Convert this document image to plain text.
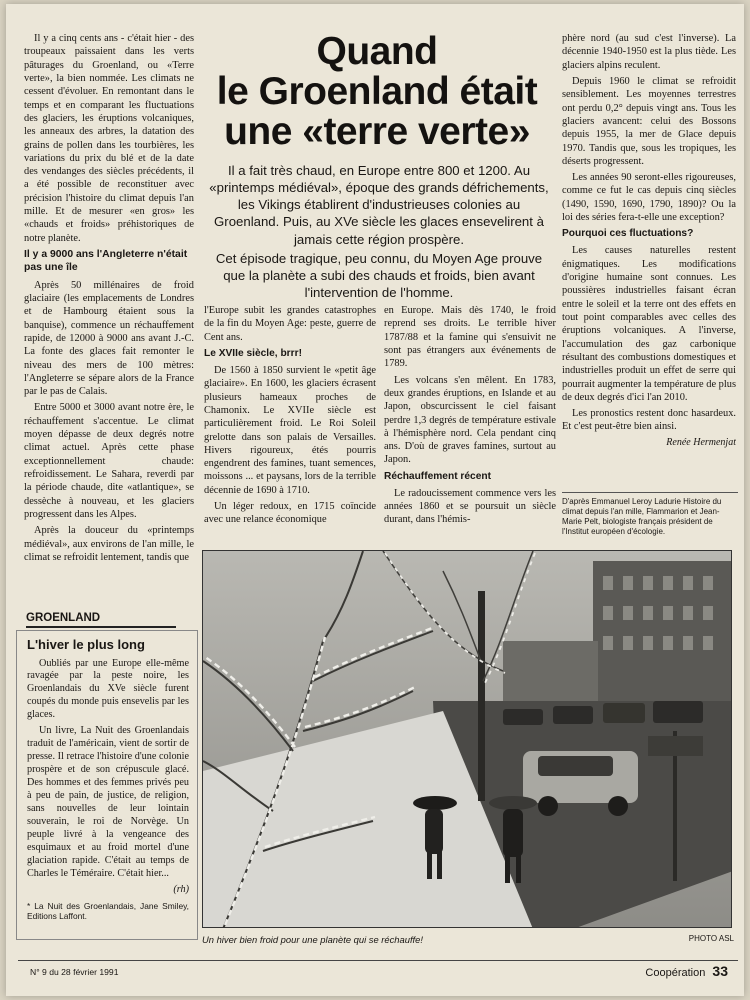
Il y a cinq cents ans - c'était hier - des troupeaux paissaient dans les verts pâturages du Groenland, ou «Terre verte», la bien nommée. Les climats ne cessent d'évoluer. En remontant dans le temps et en comparant les fluctuations des glaciers, les éruptions volcaniques, les anneaux des arbres, la datation des grains de pollen dans les tourbières, les variations du prix du blé et de la date des vendanges des siècles précédents, il a été possible de reconstituer avec précision l'histoire du climat depuis l'an mille. Et de mesurer «en gros» les «chauds et froids» préhistoriques de notre planète.

Il y a 9000 ans l'Angleterre n'était pas une île

Après 50 millénaires de froid glaciaire (les emplacements de Londres et de Hambourg étaient sous la banquise), commence un réchauffement rapide, de 12000 à 9000 ans avant J.-C. La fonte des glaces fait remonter le niveau des mers de 100 mètres: l'Angleterre se sépare alors de la France par le pas de Calais.

Entre 5000 et 3000 avant notre ère, le réchauffement s'accentue. Le climat moyen dépasse de deux degrés notre climat actuel. Après cette phase exceptionnellement chaude: refroidissement. Le Sahara, reverdi par la période chaude, dite «atlantique», se dessèche à nouveau, et les glaciers progressent dans les Alpes.

Après la douceur du «printemps médiéval», aux environs de l'an mille, le climat se refroidit lentement, tandis que

Quand
le Groenland était
une «terre verte»

Il a fait très chaud, en Europe entre 800 et 1200. Au «printemps médiéval», époque des grands défrichements, les Vikings établirent d'industrieuses colonies au Groenland. Puis, au XVe siècle les glaces ensevelirent à jamais cette région prospère.

Cet épisode tragique, peu connu, du Moyen Age prouve que la planète a subi des chauds et froids, bien avant l'intervention de l'homme.

l'Europe subit les grandes catastrophes de la fin du Moyen Age: peste, guerre de Cent ans.

Le XVIIe siècle, brrr!

De 1560 à 1850 survient le «petit âge glaciaire». En 1600, les glaciers écrasent plusieurs hameaux proches de Chamonix. Le XVIIe siècle est particulièrement froid. Le Roi Soleil grelotte dans son palais de Versailles. Hivers rigoureux, étés pourris engendrent des famines, tuant semences, moissons ... et paysans, lors de la terrible décennie de 1690 à 1710.

Un léger redoux, en 1715 coïncide avec une relance économique

en Europe. Mais dès 1740, le froid reprend ses droits. Le terrible hiver 1787/88 et la famine qui s'ensuivit ne sont pas étrangers aux événements de 1789.

Les volcans s'en mêlent. En 1783, deux grandes éruptions, en Islande et au Japon, obscurcissent le ciel faisant perdre 1,3 degrés de température estivale à l'hémisphère nord. Cela pendant cinq ans. D'où de graves famines, surtout au Japon.

Réchauffement récent

Le radoucissement commence vers les années 1860 et se poursuit un siècle durant, dans l'hémis-

phère nord (au sud c'est l'inverse). La décennie 1940-1950 est la plus tiède. Les glaciers alpins reculent.

Depuis 1960 le climat se refroidit sensiblement. Les moyennes terrestres ont perdu 0,2° depuis vingt ans. Tous les glaciers avancent: celui des Bossons depuis 1955, la mer de Glace depuis 1970. Tandis que, sous les tropiques, les déserts progressent.

Les années 90 seront-elles rigoureuses, comme ce fut le cas depuis cinq siècles (1490, 1590, 1690, 1790, 1890)? Ou la loi des séries fera-t-elle une exception?

Pourquoi ces fluctuations?

Les causes naturelles restent énigmatiques. Les modifications d'origine humaine sont connues. Les poussières industrielles faisant écran entre le soleil et la terre ont des effets en tout point comparables avec celles des éruptions volcaniques. A l'inverse, l'accumulation des gaz carbonique résultant des combustions domestiques et industrielles produit un effet de serre qui pourrait augmenter la température de plus de deux degrés d'ici l'an 2010.

Les pronostics restent donc hasardeux. Et c'est peut-être bien ainsi.

Renée Hermenjat
D'après Emmanuel Leroy Ladurie Histoire du climat depuis l'an mille, Flammarion et Jean-Marie Pelt, biologiste français président de l'Institut européen d'écologie.
GROENLAND
L'hiver le plus long

Oubliés par une Europe elle-même ravagée par la peste noire, les Groenlandais du XVe siècle furent coupés du monde puis ensevelis par les glaces.

Un livre, La Nuit des Groenlandais traduit de l'américain, vient de sortir de presse. Il retrace l'histoire d'une colonie prospère et de son crépuscule glacé. Des hommes et des femmes privés peu à peu de pain, de justice, de religion, sans nouvelles de leur lointain souverain, le roi de Norvège. Un peuple livré à la vengeance des esquimaux et au froid mortel d'une glaciation rapide. C'était au temps de Charles le Téméraire. C'était hier...

(rh)

* La Nuit des Groenlandais, Jane Smiley, Editions Laffont.

Un hiver bien froid pour une planète qui se réchauffe!	PHOTO ASL
N° 9 du 28 février 1991	Coopération 33
